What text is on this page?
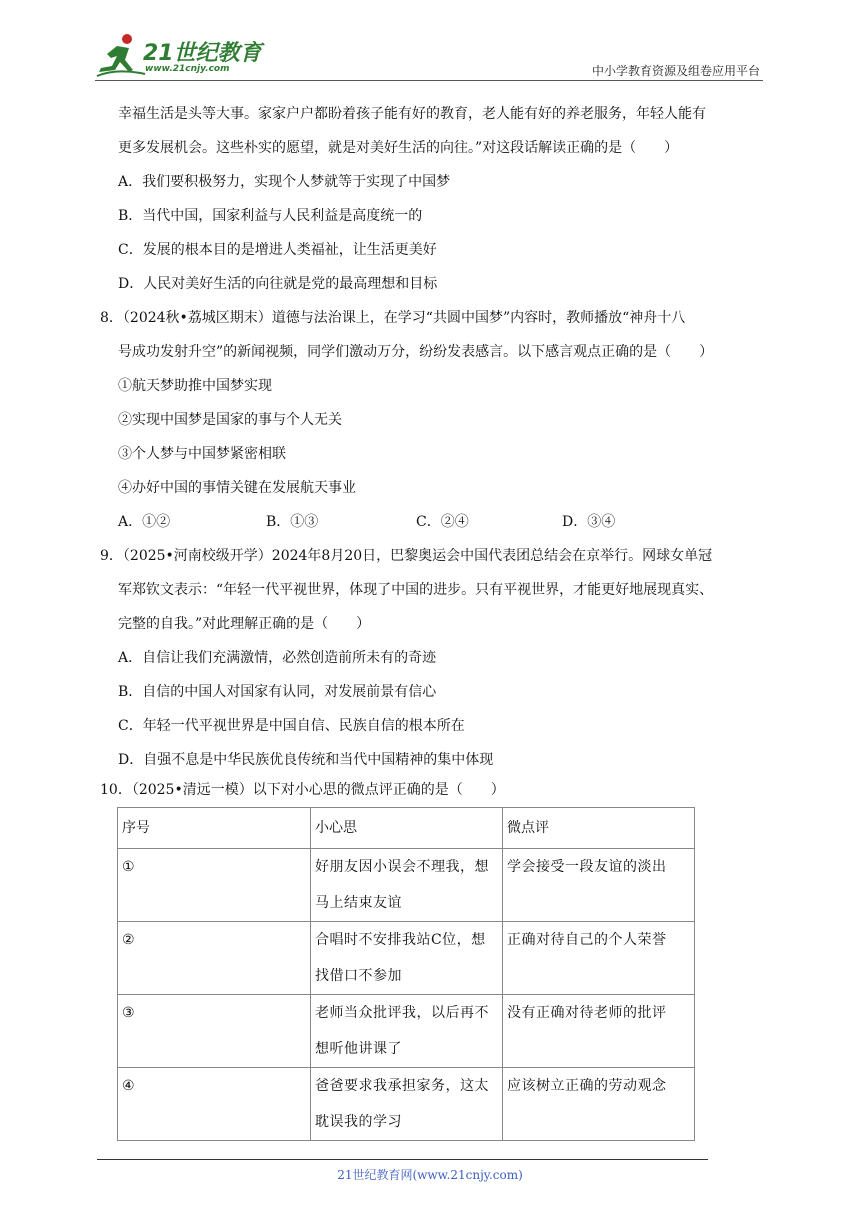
21世纪教育
www.21cnjy.com	中小学教育资源及组卷应用平台
幸福生活是头等大事。家家户户都盼着孩子能有好的教育，老人能有好的养老服务，年轻人能有
更多发展机会。这些朴实的愿望，就是对美好生活的向往。”对这段话解读正确的是（　　）
A．我们要积极努力，实现个人梦就等于实现了中国梦
B．当代中国，国家利益与人民利益是高度统一的
C．发展的根本目的是增进人类福祉，让生活更美好
D．人民对美好生活的向往就是党的最高理想和目标
8．（2024秋•荔城区期末）道德与法治课上，在学习“共圆中国梦”内容时，教师播放“神舟十八
号成功发射升空”的新闻视频，同学们激动万分，纷纷发表感言。以下感言观点正确的是（　　）
①航天梦助推中国梦实现
②实现中国梦是国家的事与个人无关
③个人梦与中国梦紧密相联
④办好中国的事情关键在发展航天事业
A．①②	B．①③	C．②④	D．③④
9．（2025•河南校级开学）2024年8月20日，巴黎奥运会中国代表团总结会在京举行。网球女单冠
军郑钦文表示：“年轻一代平视世界，体现了中国的进步。只有平视世界，才能更好地展现真实、
完整的自我。”对此理解正确的是（　　）
A．自信让我们充满激情，必然创造前所未有的奇迹
B．自信的中国人对国家有认同，对发展前景有信心
C．年轻一代平视世界是中国自信、民族自信的根本所在
D．自强不息是中华民族优良传统和当代中国精神的集中体现
10．（2025•清远一模）以下对小心思的微点评正确的是（　　）
序号	小心思	微点评
①	好朋友因小误会不理我，想马上结束友谊	学会接受一段友谊的淡出
②	合唱时不安排我站C位，想找借口不参加	正确对待自己的个人荣誉
③	老师当众批评我，以后再不想听他讲课了	没有正确对待老师的批评
④	爸爸要求我承担家务，这太耽误我的学习	应该树立正确的劳动观念
21世纪教育网(www.21cnjy.com)
